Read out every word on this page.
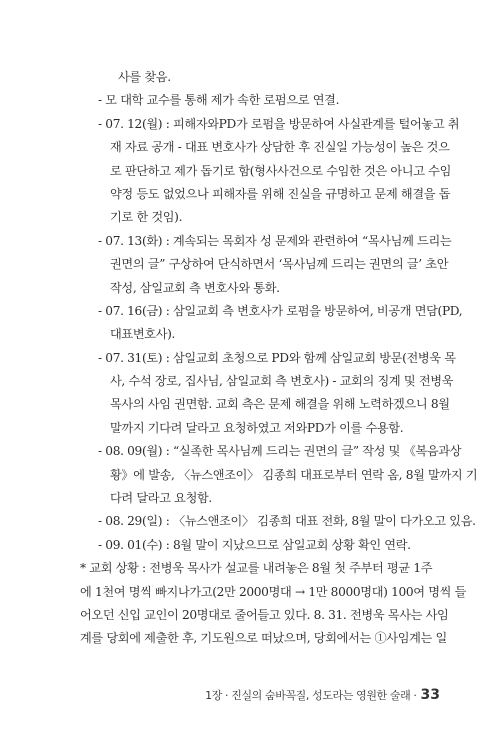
사를 찾음.
- 모 대학 교수를 통해 제가 속한 로펌으로 연결.
- 07. 12(월) : 피해자와PD가 로펌을 방문하여 사실관계를 털어놓고 취
재 자료 공개 - 대표 변호사가 상담한 후 진실일 가능성이 높은 것으
로 판단하고 제가 돕기로 함(형사사건으로 수임한 것은 아니고 수임
약정 등도 없었으나 피해자를 위해 진실을 규명하고 문제 해결을 돕
기로 한 것임).
- 07. 13(화) : 계속되는 목회자 성 문제와 관련하여 “목사님께 드리는
권면의 글” 구상하여 단식하면서 ‘목사님께 드리는 권면의 글’ 초안
작성, 삼일교회 측 변호사와 통화.
- 07. 16(금) : 삼일교회 측 변호사가 로펌을 방문하여, 비공개 면담(PD,
대표변호사).
- 07. 31(토) : 삼일교회 초청으로 PD와 함께 삼일교회 방문(전병욱 목
사, 수석 장로, 집사님, 삼일교회 측 변호사) - 교회의 징계 및 전병욱
목사의 사임 권면함. 교회 측은 문제 해결을 위해 노력하겠으니 8월
말까지 기다려 달라고 요청하였고 저와PD가 이를 수용함.
- 08. 09(월) : “실족한 목사님께 드리는 권면의 글” 작성 및 《복음과상
황》에 발송, 〈뉴스앤조이〉 김종희 대표로부터 연락 옴, 8월 말까지 기
다려 달라고 요청함.
- 08. 29(일) : 〈뉴스앤조이〉 김종희 대표 전화, 8월 말이 다가오고 있음.
- 09. 01(수) : 8월 말이 지났으므로 삼일교회 상황 확인 연락.
* 교회 상황 : 전병욱 목사가 설교를 내려놓은 8월 첫 주부터 평균 1주
에 1천여 명씩 빠지나가고(2만 2000명대 → 1만 8000명대) 100여 명씩 들
어오던 신입 교인이 20명대로 줄어들고 있다. 8. 31. 전병욱 목사는 사임
계를 당회에 제출한 후, 기도원으로 떠났으며, 당회에서는 ①사임계는 일
1장 · 진실의 숨바꼭질, 성도라는 영원한 술래 · 33
